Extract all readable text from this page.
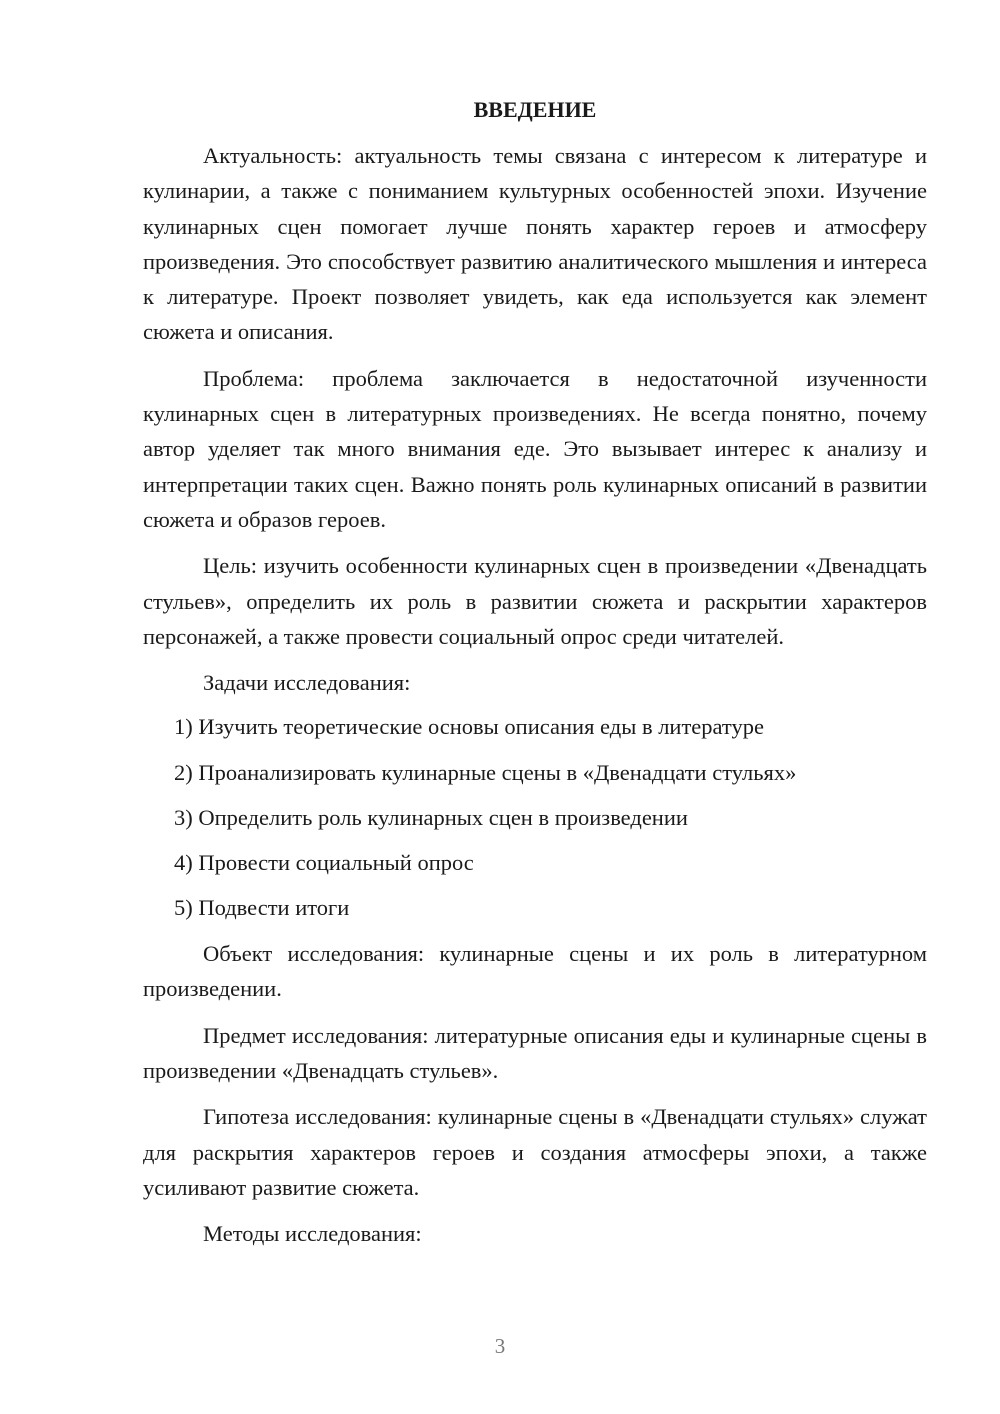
ВВЕДЕНИЕ

Актуальность: актуальность темы связана с интересом к литературе и кулинарии, а также с пониманием культурных особенностей эпохи. Изучение кулинарных сцен помогает лучше понять характер героев и атмосферу произведения. Это способствует развитию аналитического мышления и интереса к литературе. Проект позволяет увидеть, как еда используется как элемент сюжета и описания.

Проблема: проблема заключается в недостаточной изученности кулинарных сцен в литературных произведениях. Не всегда понятно, почему автор уделяет так много внимания еде. Это вызывает интерес к анализу и интерпретации таких сцен. Важно понять роль кулинарных описаний в развитии сюжета и образов героев.

Цель: изучить особенности кулинарных сцен в произведении «Двенадцать стульев», определить их роль в развитии сюжета и раскрытии характеров персонажей, а также провести социальный опрос среди читателей.

Задачи исследования:

1) Изучить теоретические основы описания еды в литературе

2) Проанализировать кулинарные сцены в «Двенадцати стульях»

3) Определить роль кулинарных сцен в произведении

4) Провести социальный опрос

5) Подвести итоги

Объект исследования: кулинарные сцены и их роль в литературном произведении.

Предмет исследования: литературные описания еды и кулинарные сцены в произведении «Двенадцать стульев».

Гипотеза исследования: кулинарные сцены в «Двенадцати стульях» служат для раскрытия характеров героев и создания атмосферы эпохи, а также усиливают развитие сюжета.

Методы исследования:

3
